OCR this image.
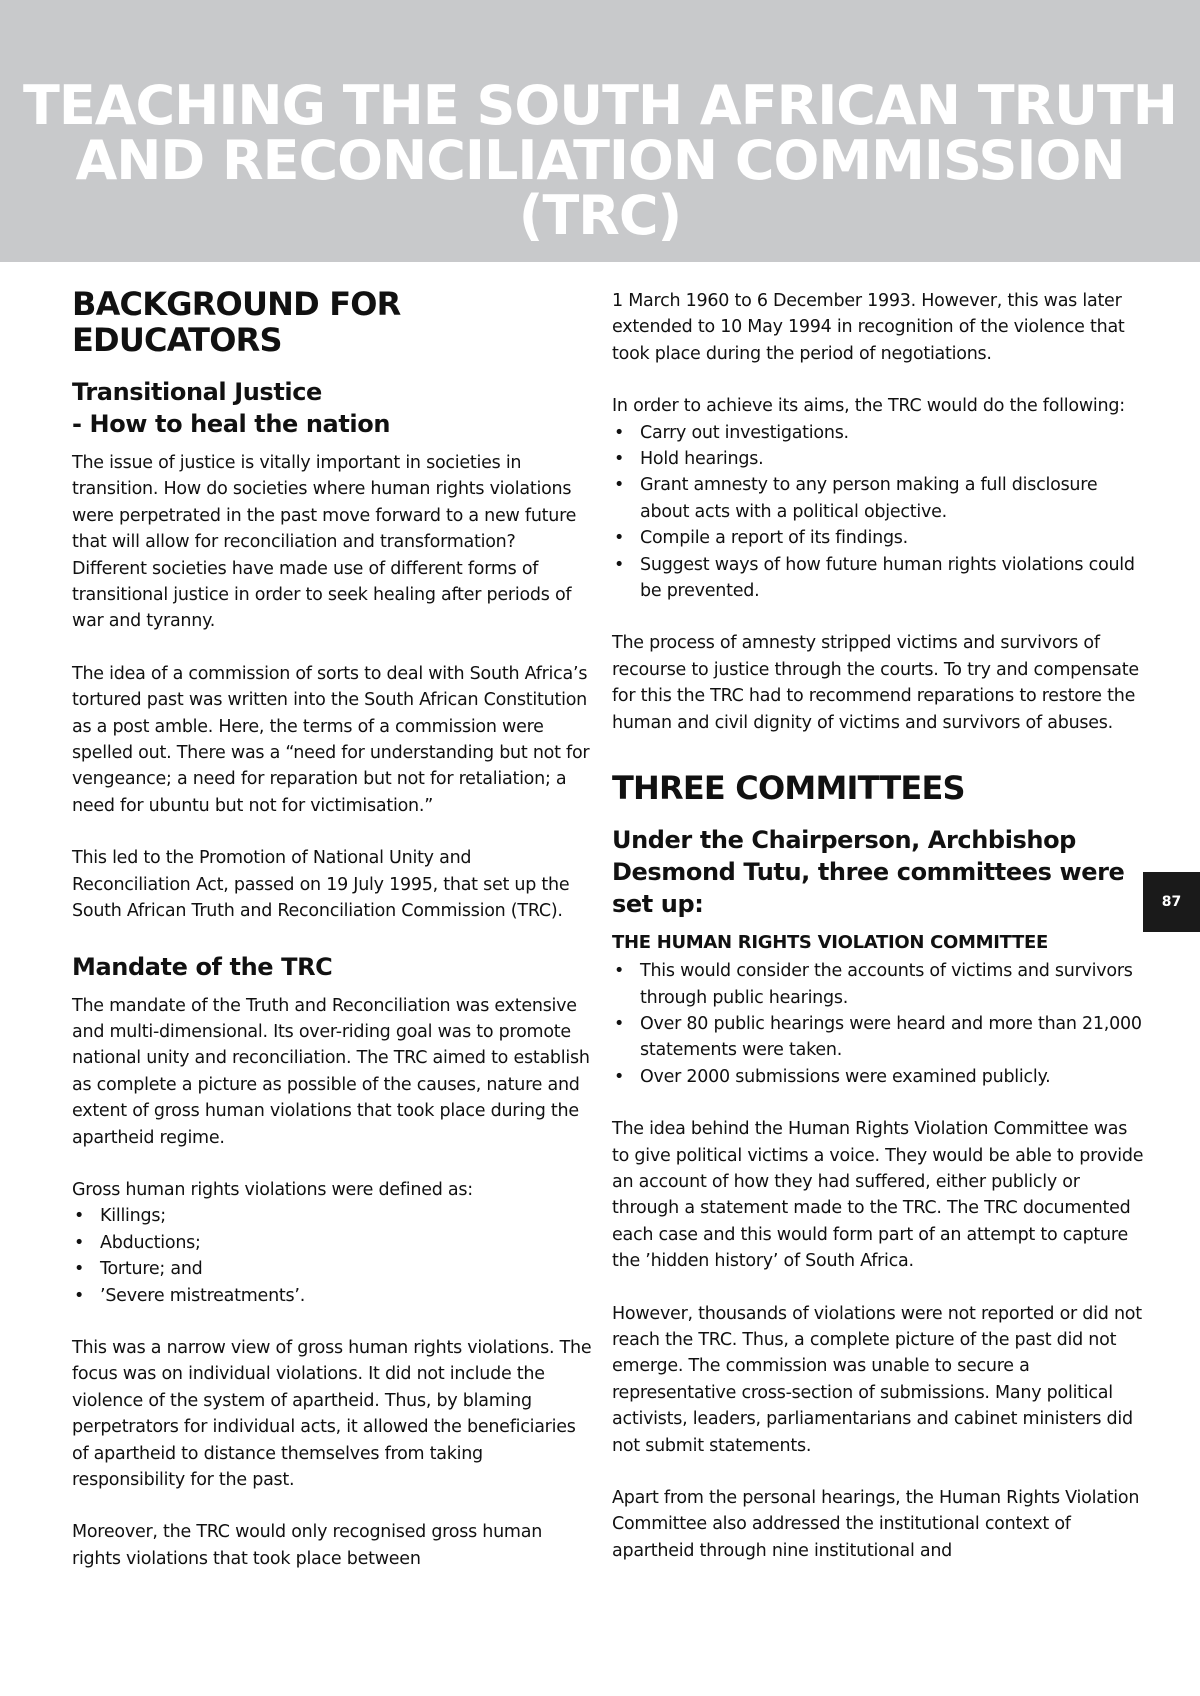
TEACHING THE SOUTH AFRICAN TRUTH AND RECONCILIATION COMMISSION (TRC)
BACKGROUND FOR EDUCATORS
Transitional Justice
- How to heal the nation

The issue of justice is vitally important in societies in transition. How do societies where human rights violations were perpetrated in the past move forward to a new future that will allow for reconciliation and transformation? Different societies have made use of different forms of transitional justice in order to seek healing after periods of war and tyranny.

The idea of a commission of sorts to deal with South Africa’s tortured past was written into the South African Constitution as a post amble. Here, the terms of a commission were spelled out. There was a “need for understanding but not for vengeance; a need for reparation but not for retaliation; a need for ubuntu but not for victimisation.”

This led to the Promotion of National Unity and Reconciliation Act, passed on 19 July 1995, that set up the South African Truth and Reconciliation Commission (TRC).

Mandate of the TRC

The mandate of the Truth and Reconciliation was extensive and multi-dimensional. Its over-riding goal was to promote national unity and reconciliation. The TRC aimed to establish as complete a picture as possible of the causes, nature and extent of gross human violations that took place during the apartheid regime.

Gross human rights violations were defined as:

• Killings;
• Abductions;
• Torture; and
• ’Severe mistreatments’.

This was a narrow view of gross human rights violations. The focus was on individual violations. It did not include the violence of the system of apartheid. Thus, by blaming perpetrators for individual acts, it allowed the beneficiaries of apartheid to distance themselves from taking responsibility for the past.

Moreover, the TRC would only recognised gross human rights violations that took place between

1 March 1960 to 6 December 1993. However, this was later extended to 10 May 1994 in recognition of the violence that took place during the period of negotiations.

In order to achieve its aims, the TRC would do the following:

• Carry out investigations.
• Hold hearings.
• Grant amnesty to any person making a full disclosure about acts with a political objective.
• Compile a report of its findings.
• Suggest ways of how future human rights violations could be prevented.

The process of amnesty stripped victims and survivors of recourse to justice through the courts. To try and compensate for this the TRC had to recommend reparations to restore the human and civil dignity of victims and survivors of abuses.

THREE COMMITTEES
Under the Chairperson, Archbishop Desmond Tutu, three committees were set up:
THE HUMAN RIGHTS VIOLATION COMMITTEE
• This would consider the accounts of victims and survivors through public hearings.
• Over 80 public hearings were heard and more than 21,000 statements were taken.
• Over 2000 submissions were examined publicly.

The idea behind the Human Rights Violation Committee was to give political victims a voice. They would be able to provide an account of how they had suffered, either publicly or through a statement made to the TRC. The TRC documented each case and this would form part of an attempt to capture the ’hidden history’ of South Africa.

However, thousands of violations were not reported or did not reach the TRC. Thus, a complete picture of the past did not emerge. The commission was unable to secure a representative cross-section of submissions. Many political activists, leaders, parliamentarians and cabinet ministers did not submit statements.

Apart from the personal hearings, the Human Rights Violation Committee also addressed the institutional context of apartheid through nine institutional and

87
